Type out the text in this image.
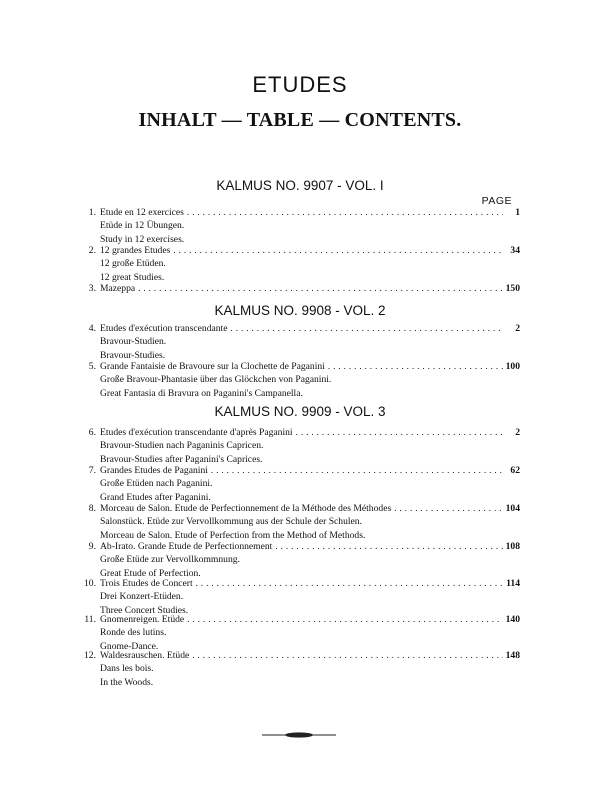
ETUDES
INHALT — TABLE — CONTENTS.
KALMUS NO. 9907 - VOL. I
PAGE
1. Etude en 12 exercices .....	1
Etüde in 12 Übungen.
Study in 12 exercises.
2. 12 grandes Etudes .....	34
12 große Etüden.
12 great Studies.
3. Mazeppa .....	150
KALMUS NO. 9908 - VOL. 2
4. Etudes d'exécution transcendante .....	2
Bravour-Studien.
Bravour-Studies.
5. Grande Fantaisie de Bravoure sur la Clochette de Paganini .....	100
Große Bravour-Phantasie über das Glöckchen von Paganini.
Great Fantasia di Bravura on Paganini's Campanella.
KALMUS NO. 9909 - VOL. 3
6. Etudes d'exécution transcendante d'après Paganini .....	2
Bravour-Studien nach Paganinis Capricen.
Bravour-Studies after Paganini's Caprices.
7. Grandes Etudes de Paganini .....	62
Große Etüden nach Paganini.
Grand Etudes after Paganini.
8. Morceau de Salon. Etude de Perfectionnement de la Méthode des Méthodes .....	104
Salonstück. Etüde zur Vervollkommung aus der Schule der Schulen.
Morceau de Salon. Etude of Perfection from the Method of Methods.
9. Ab-Irato. Grande Etude de Perfectionnement .....	108
Große Etüde zur Vervollkommnung.
Great Etude of Perfection.
10. Trois Etudes de Concert .....	114
Drei Konzert-Etüden.
Three Concert Studies.
11. Gnomenreigen. Etüde .....	140
Ronde des lutins.
Gnome-Dance.
12. Waldesrauschen. Etüde .....	148
Dans les bois.
In the Woods.
